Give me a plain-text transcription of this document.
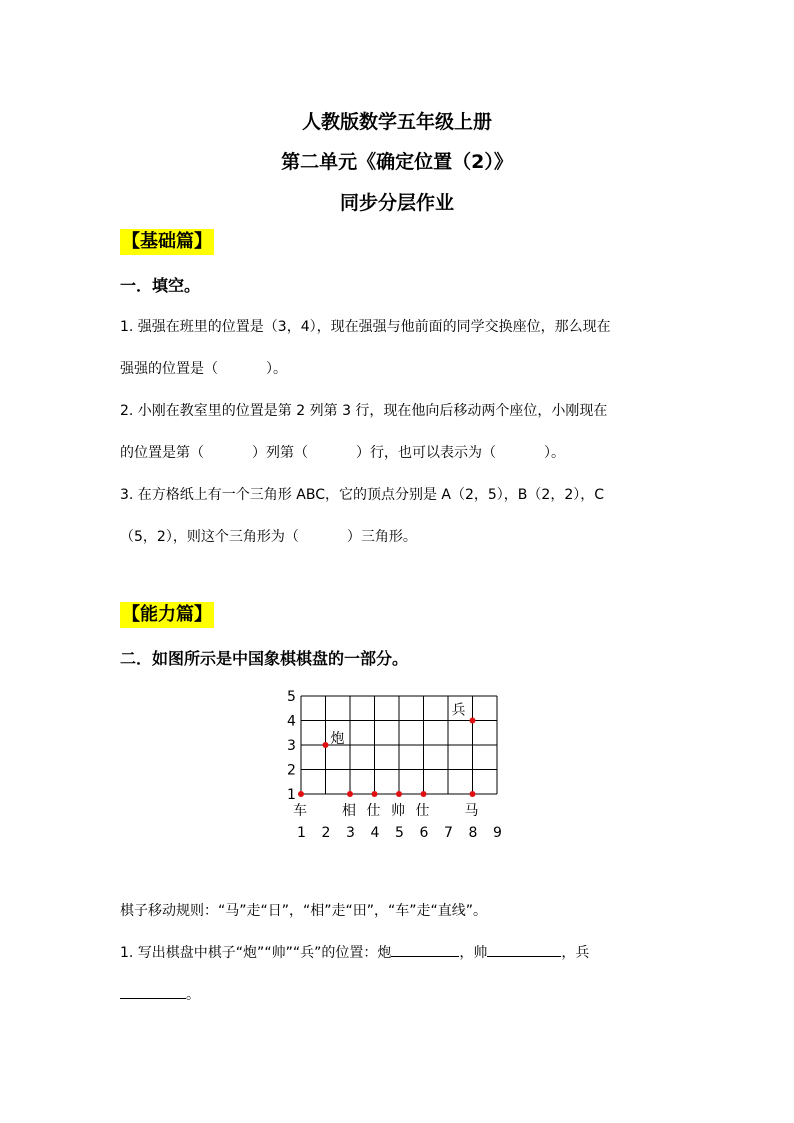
人教版数学五年级上册
第二单元《确定位置（2）》
同步分层作业
【基础篇】
一．填空。
1. 强强在班里的位置是（3，4），现在强强与他前面的同学交换座位，那么现在
强强的位置是（	）。
2. 小刚在教室里的位置是第 2 列第 3 行，现在他向后移动两个座位，小刚现在
的位置是第（	）列第（	）行，也可以表示为（	）。
3. 在方格纸上有一个三角形 ABC，它的顶点分别是 A（2，5），B（2，2），C
（5，2），则这个三角形为（	）三角形。
【能力篇】
二．如图所示是中国象棋棋盘的一部分。
1
2
3
4
5
1 2 3 4 5 6 7 8 9
车
炮
相 仕 帅 仕	马
兵
棋子移动规则：“马”走“日”，“相”走“田”，“车”走“直线”。
1. 写出棋盘中棋子“炮”“帅”“兵”的位置：炮	，帅	，兵
。
